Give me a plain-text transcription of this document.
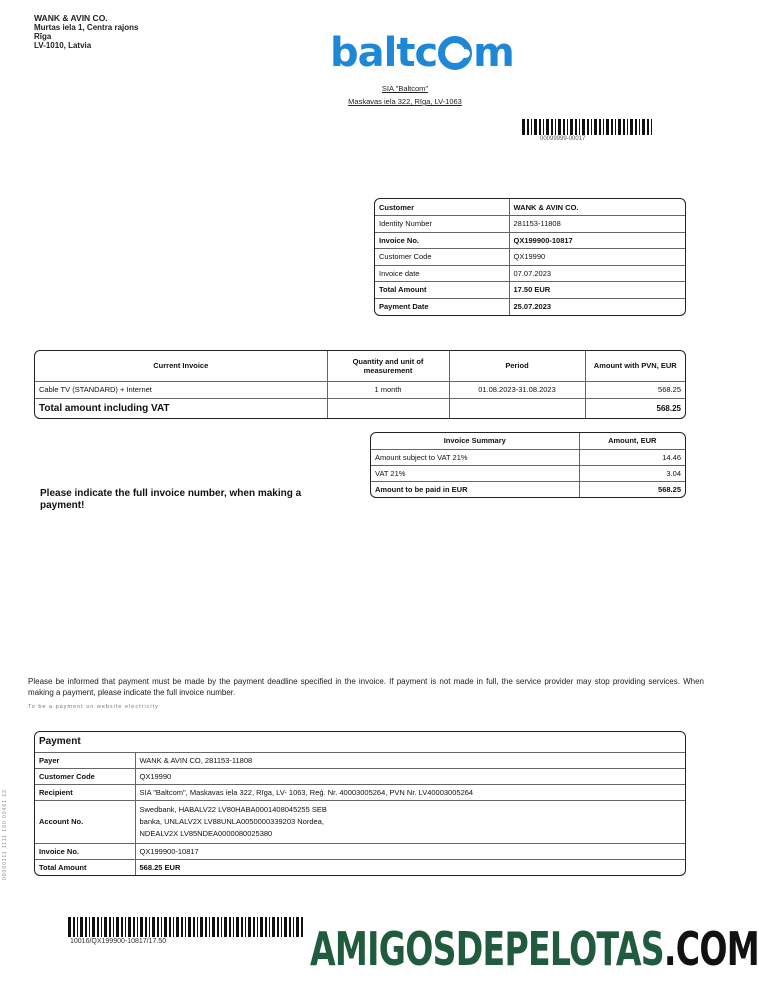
WANK & AVIN CO.
Murtas iela 1, Centra rajons
Rīga
LV-1010, Latvia	baltc m
SIA "Baltcom"
Maskavas iela 322, Rīga, LV-1063
00099999-00017
Customer	WANK & AVIN CO.
Identity Number	281153-11808
Invoice No.	QX199900-10817
Customer Code	QX19990
Invoice date	07.07.2023
Total Amount	17.50 EUR
Payment Date	25.07.2023
Current Invoice	Quantity and unit of measurement	Period	Amount with PVN, EUR
Cable TV (STANDARD) + Internet	1 month	01.08.2023-31.08.2023	568.25
Total amount including VAT			568.25
Invoice Summary	Amount, EUR
Amount subject to VAT 21%	14.46
VAT 21%	3.04
Amount to be paid in EUR	568.25
Please indicate the full invoice number, when making a payment!
Please be informed that payment must be made by the payment deadline specified in the invoice. If payment is not made in full, the service provider may stop providing services. When making a payment, please indicate the full invoice number.
To be a payment on website electricity
Payment	
Payer	WANK & AVIN CO, 281153-11808
Customer Code	QX19990
Recipient	SIA "Baltcom", Maskavas iela 322, Rīga, LV- 1063, Reģ. Nr. 40003005264, PVN Nr. LV40003005264
Account No.	Swedbank, HABALV22 LV80HABA0001408045255 SEB
banka, UNLALV2X LV88UNLA0050000339203 Nordea,
NDEALV2X LV85NDEA0000080025380

Invoice No.	QX199900-10817
Total Amount	568.25 EUR
00000111 1111 100 00461 12
10016/QX199900-10817/17.50	AMIGOSDEPELOTAS.COM
